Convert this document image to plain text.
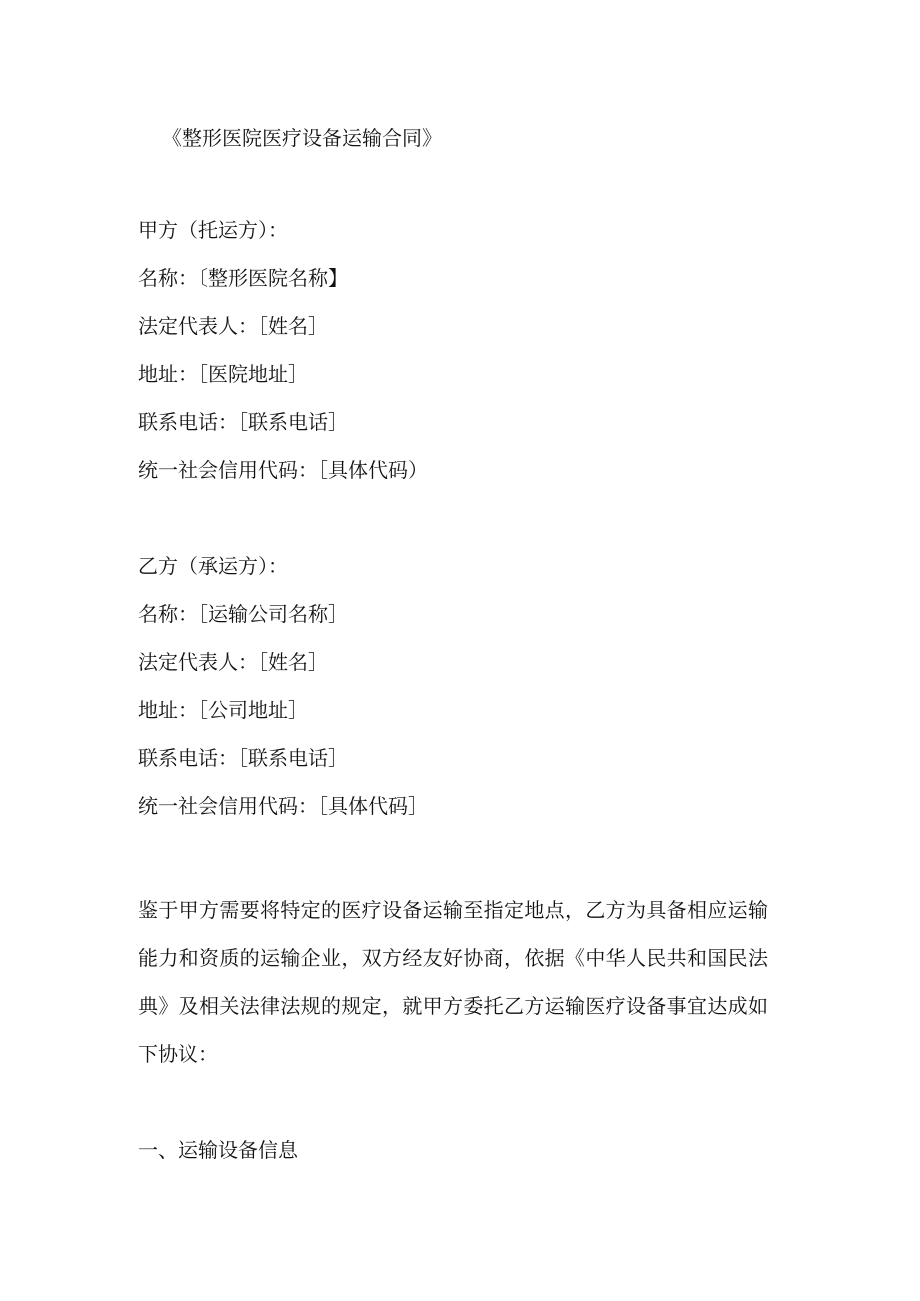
《整形医院医疗设备运输合同》
甲方（托运方）：
名称：〔整形医院名称】
法定代表人：［姓名］
地址：［医院地址］
联系电话：［联系电话］
统一社会信用代码：［具体代码）
乙方（承运方）：
名称：［运输公司名称］
法定代表人：［姓名］
地址：［公司地址］
联系电话：［联系电话］
统一社会信用代码：［具体代码］
鉴于甲方需要将特定的医疗设备运输至指定地点，乙方为具备相应运输能力和资质的运输企业，双方经友好协商，依据《中华人民共和国民法典》及相关法律法规的规定，就甲方委托乙方运输医疗设备事宜达成如下协议：
一、运输设备信息
